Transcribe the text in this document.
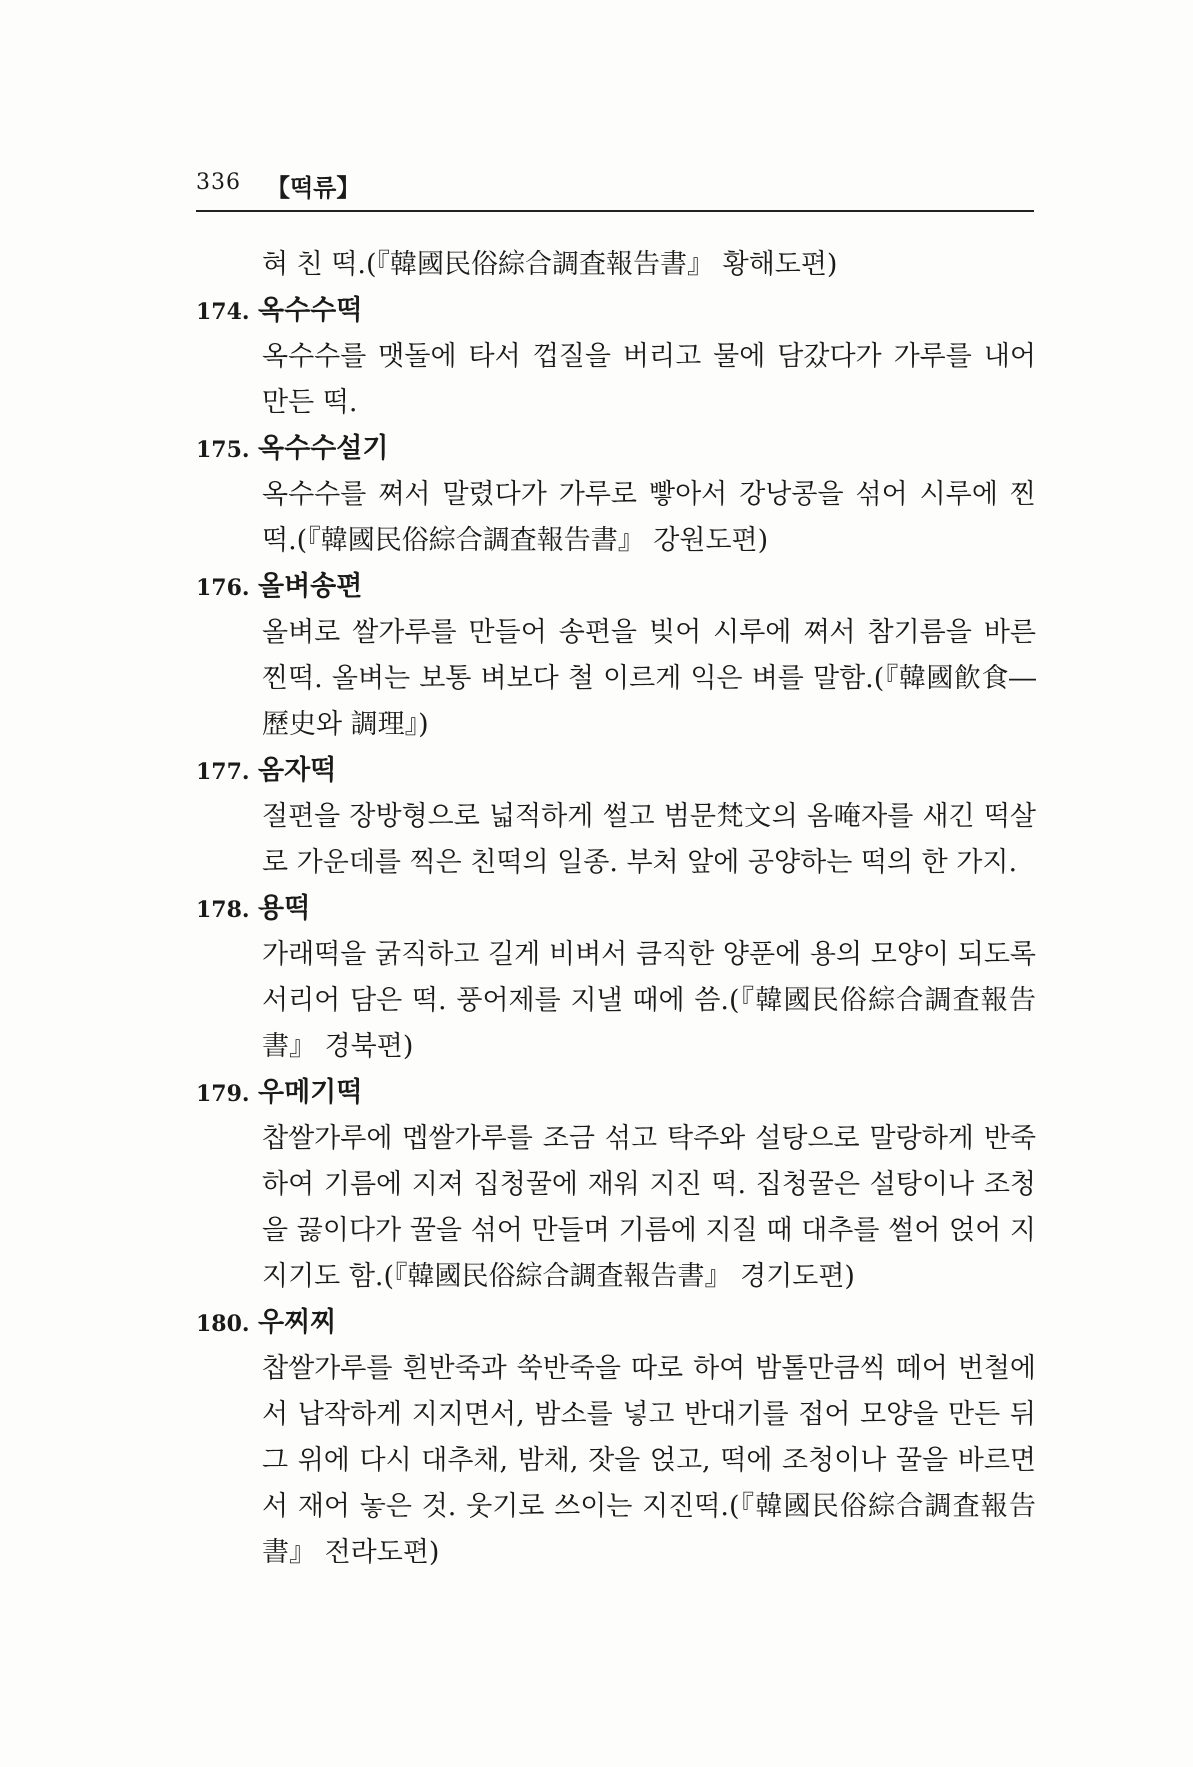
336 【떡류】
혀 친 떡.(『韓國民俗綜合調査報告書』 황해도편)
174. 옥수수떡
옥수수를 맷돌에 타서 껍질을 버리고 물에 담갔다가 가루를 내어 만든 떡.
175. 옥수수설기
옥수수를 쪄서 말렸다가 가루로 빻아서 강낭콩을 섞어 시루에 찐 떡.(『韓國民俗綜合調査報告書』 강원도편)
176. 올벼송편
올벼로 쌀가루를 만들어 송편을 빚어 시루에 쪄서 참기름을 바른 찐떡. 올벼는 보통 벼보다 철 이르게 익은 벼를 말함.(『韓國飮食―歷史와 調理』)
177. 옴자떡
절편을 장방형으로 넓적하게 썰고 범문梵文의 옴唵자를 새긴 떡살로 가운데를 찍은 친떡의 일종. 부처 앞에 공양하는 떡의 한 가지.
178. 용떡
가래떡을 굵직하고 길게 비벼서 큼직한 양푼에 용의 모양이 되도록 서리어 담은 떡. 풍어제를 지낼 때에 씀.(『韓國民俗綜合調査報告書』 경북편)
179. 우메기떡
찹쌀가루에 멥쌀가루를 조금 섞고 탁주와 설탕으로 말랑하게 반죽하여 기름에 지져 집청꿀에 재워 지진 떡. 집청꿀은 설탕이나 조청을 끓이다가 꿀을 섞어 만들며 기름에 지질 때 대추를 썰어 얹어 지지기도 함.(『韓國民俗綜合調査報告書』 경기도편)
180. 우찌찌
찹쌀가루를 흰반죽과 쑥반죽을 따로 하여 밤톨만큼씩 떼어 번철에서 납작하게 지지면서, 밤소를 넣고 반대기를 접어 모양을 만든 뒤 그 위에 다시 대추채, 밤채, 잣을 얹고, 떡에 조청이나 꿀을 바르면서 재어 놓은 것. 웃기로 쓰이는 지진떡.(『韓國民俗綜合調査報告書』 전라도편)
